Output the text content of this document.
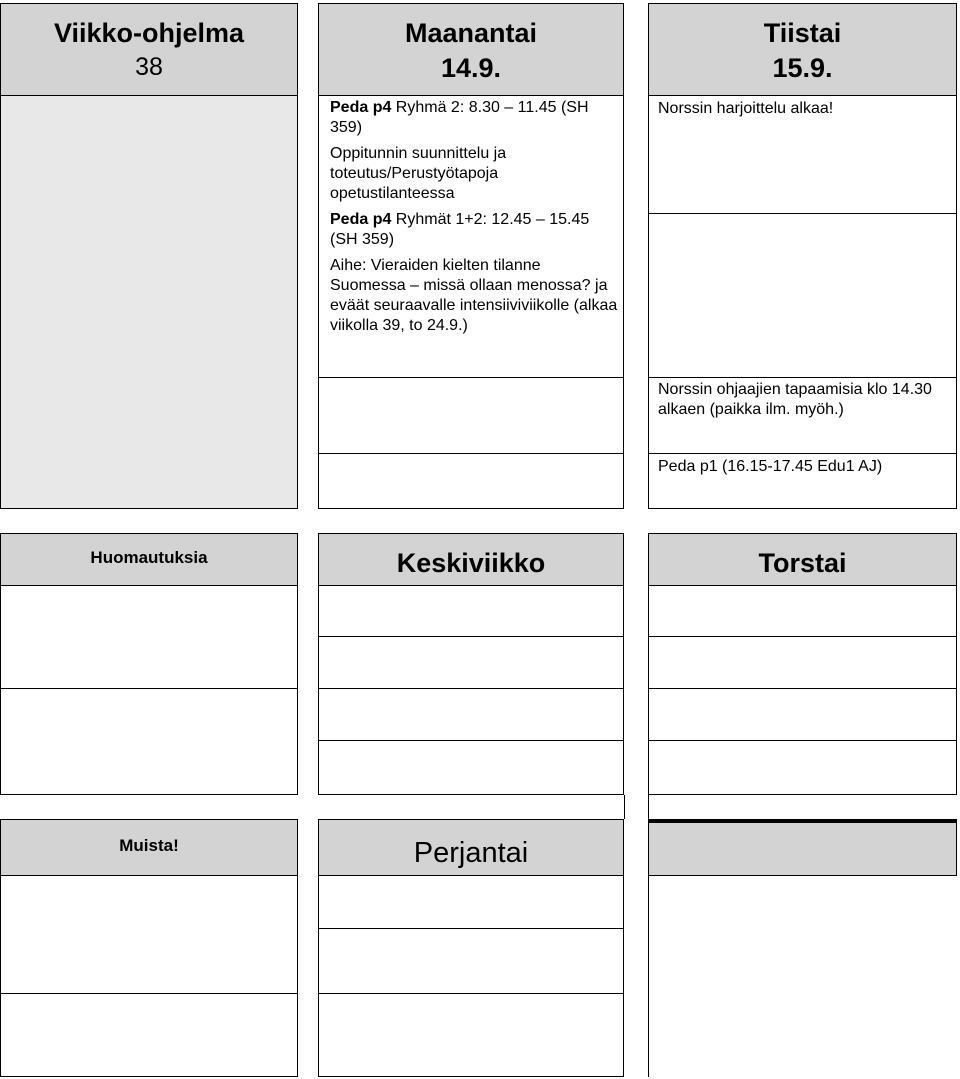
Viikko-ohjelma
38
Maanantai
14.9.

Peda p4 Ryhmä 2: 8.30 – 11.45 (SH 359)

Oppitunnin suunnittelu ja toteutus/Perustyötapoja opetustilanteessa

Peda p4 Ryhmät 1+2: 12.45 – 15.45 (SH 359)

Aihe: Vieraiden kielten tilanne Suomessa – missä ollaan menossa? ja eväät seuraavalle intensiiviviikolle (alkaa viikolla 39, to 24.9.)

Tiistai
15.9.
Norssin harjoittelu alkaa!
Norssin ohjaajien tapaamisia klo 14.30 alkaen (paikka ilm. myöh.)
Peda p1 (16.15-17.45 Edu1 AJ)
Huomautuksia	Keskiviikko	Torstai
Muista!	Perjantai
